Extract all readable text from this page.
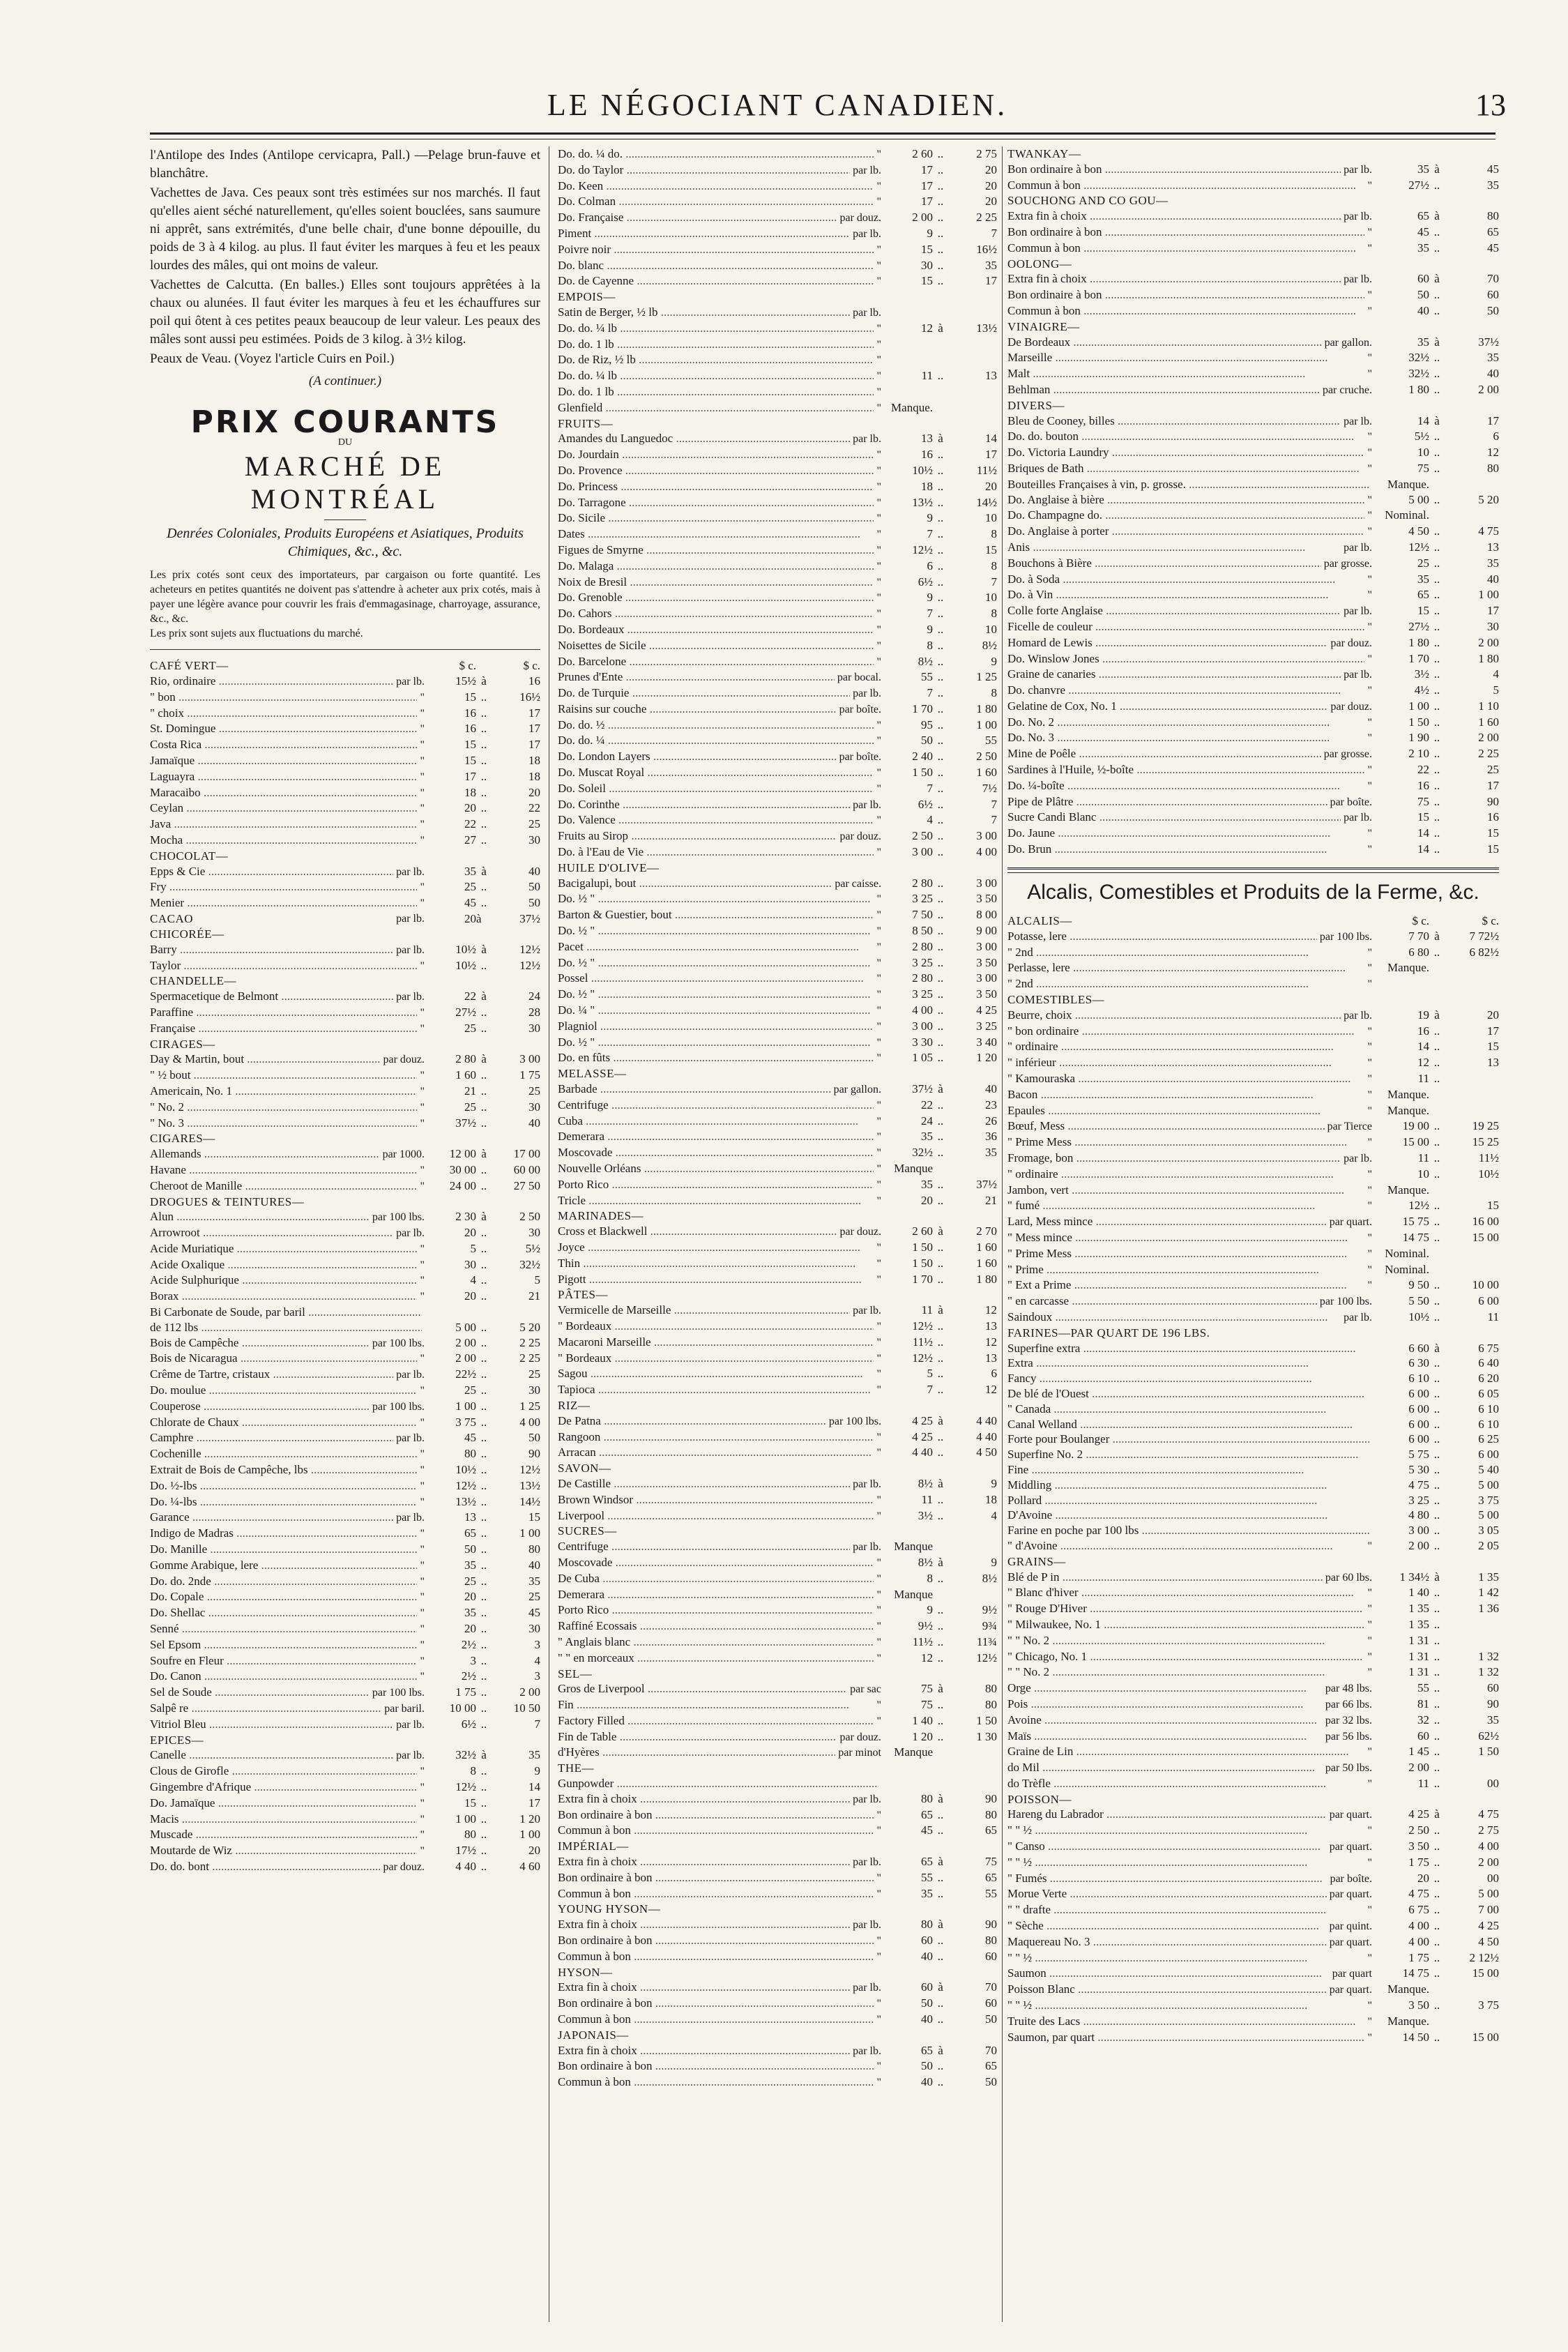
LE NÉGOCIANT CANADIEN.	13

l'Antilope des Indes (Antilope cervicapra, Pall.) —Pelage brun-fauve et blanchâtre.

Vachettes de Java. Ces peaux sont très estimées sur nos marchés. Il faut qu'elles aient séché naturellement, qu'elles soient bouclées, sans saumure ni apprêt, sans extrémités, d'une belle chair, d'une bonne dépouille, du poids de 3 à 4 kilog. au plus. Il faut éviter les marques à feu et les peaux lourdes des mâles, qui ont moins de valeur.

Vachettes de Calcutta. (En balles.) Elles sont toujours apprêtées à la chaux ou alunées. Il faut éviter les marques à feu et les échauffures sur poil qui ôtent à ces petites peaux beaucoup de leur valeur. Les peaux des mâles sont aussi peu estimées. Poids de 3 kilog. à 3½ kilog.

Peaux de Veau. (Voyez l'article Cuirs en Poil.)

(A continuer.)

PRIX COURANTS
DU
MARCHÉ DE MONTRÉAL
Denrées Coloniales, Produits Européens et Asiatiques, Produits Chimiques, &c., &c.
Les prix cotés sont ceux des importateurs, par cargaison ou forte quantité. Les acheteurs en petites quantités ne doivent pas s'attendre à acheter aux prix cotés, mais à payer une légère avance pour couvrir les frais d'emmagasinage, charroyage, assurance, &c., &c.
Les prix sont sujets aux fluctuations du marché.
CAFÉ VERT—	$ c.	$ c.
Rio, ordinaire .....	par lb.	15½ à	16
" bon .....	"	15 ..	16½
" choix .....	"	16 ..	17
St. Domingue .....	"	16 ..	17
Costa Rica .....	"	15 ..	17
Jamaïque .....	"	15 ..	18
Laguayra .....	"	17 ..	18
Maracaibo .....	"	18 ..	20
Ceylan .....	"	20 ..	22
Java .....	"	22 ..	25
Mocha .....	"	27 ..	30
CHOCOLAT—
Epps & Cie .....	par lb.	35 à	40
Fry .....	"	25 ..	50
Menier .....	"	45 ..	50
CACAO	par lb.	20 à	37½
CHICORÉE—
Barry .....	par lb.	10½ à	12½
Taylor .....	"	10½ ..	12½
CHANDELLE—
Spermacetique de Belmont .....	par lb.	22 à	24
Paraffine .....	"	27½ ..	28
Française .....	"	25 ..	30
CIRAGES—
Day & Martin, bout .....	par douz.	2 80 à	3 00
" ½ bout .....	"	1 60 ..	1 75
Americain, No. 1 .....	"	21 ..	25
" No. 2 .....	"	25 ..	30
" No. 3 .....	"	37½ ..	40
CIGARES—
Allemands .....	par 1000.	12 00 à	17 00
Havane .....	"	30 00 ..	60 00
Cheroot de Manille .....	"	24 00 ..	27 50
DROGUES & TEINTURES—
Alun .....	par 100 lbs.	2 30 à	2 50
Arrowroot .....	par lb.	20 ..	30
Acide Muriatique .....	"	5 ..	5½
Acide Oxalique .....	"	30 ..	32½
Acide Sulphurique .....	"	4 ..	5
Borax .....	"	20 ..	21
Bi Carbonate de Soude, par baril .....
de 112 lbs .....	5 00 ..	5 20
Bois de Campêche .....	par 100 lbs.	2 00 ..	2 25
Bois de Nicaragua .....	"	2 00 ..	2 25
Crême de Tartre, cristaux .....	par lb.	22½ ..	25
Do. moulue .....	"	25 ..	30
Couperose .....	par 100 lbs.	1 00 ..	1 25
Chlorate de Chaux .....	"	3 75 ..	4 00
Camphre .....	par lb.	45 ..	50
Cochenille .....	"	80 ..	90
Extrait de Bois de Campêche, lbs .....	"	10½ ..	12½
Do. ½-lbs .....	"	12½ ..	13½
Do. ¼-lbs .....	"	13½ ..	14½
Garance .....	par lb.	13 ..	15
Indigo de Madras .....	"	65 ..	1 00
Do. Manille .....	"	50 ..	80
Gomme Arabique, lere .....	"	35 ..	40
Do. do. 2nde .....	"	25 ..	35
Do. Copale .....	"	20 ..	25
Do. Shellac .....	"	35 ..	45
Senné .....	"	20 ..	30
Sel Epsom .....	"	2½ ..	3
Soufre en Fleur .....	"	3 ..	4
Do. Canon .....	"	2½ ..	3
Sel de Soude .....	par 100 lbs.	1 75 ..	2 00
Salpê re .....	par baril.	10 00 ..	10 50
Vitriol Bleu .....	par lb.	6½ ..	7
EPICES—
Canelle .....	par lb.	32½ à	35
Clous de Girofle .....	"	8 ..	9
Gingembre d'Afrique .....	"	12½ ..	14
Do. Jamaïque .....	"	15 ..	17
Macis .....	"	1 00 ..	1 20
Muscade .....	"	80 ..	1 00
Moutarde de Wiz .....	"	17½ ..	20
Do. do. bont .....	par douz.	4 40 ..	4 60
Do. do. ¼ do. .....	"	2 60 ..	2 75
Do. do Taylor .....	par lb.	17 ..	20
Do. Keen .....	"	17 ..	20
Do. Colman .....	"	17 ..	20
Do. Française .....	par douz.	2 00 ..	2 25
Piment .....	par lb.	9 ..	7
Poivre noir .....	"	15 ..	16½
Do. blanc .....	"	30 ..	35
Do. de Cayenne .....	"	15 ..	17
EMPOIS—
Satin de Berger, ½ lb .....	par lb.
Do. do. ¼ lb .....	"	12 à	13½
Do. do. 1 lb .....	"
Do. de Riz, ½ lb .....	"
Do. do. ¼ lb .....	"	11 ..	13
Do. do. 1 lb .....	"
Glenfield .....	" Manque.
FRUITS—
Amandes du Languedoc .....	par lb.	13 à	14
Do. Jourdain .....	"	16 ..	17
Do. Provence .....	"	10½ ..	11½
Do. Princess .....	"	18 ..	20
Do. Tarragone .....	"	13½ ..	14½
Do. Sicile .....	"	9 ..	10
Dates .....	"	7 ..	8
Figues de Smyrne .....	"	12½ ..	15
Do. Malaga .....	"	6 ..	8
Noix de Bresil .....	"	6½ ..	7
Do. Grenoble .....	"	9 ..	10
Do. Cahors .....	"	7 ..	8
Do. Bordeaux .....	"	9 ..	10
Noisettes de Sicile .....	"	8 ..	8½
Do. Barcelone .....	"	8½ ..	9
Prunes d'Ente .....	par bocal.	55 ..	1 25
Do. de Turquie .....	par lb.	7 ..	8
Raisins sur couche .....	par boîte.	1 70 ..	1 80
Do. do. ½ .....	"	95 ..	1 00
Do. do. ¼ .....	"	50 ..	55
Do. London Layers .....	par boîte.	2 40 ..	2 50
Do. Muscat Royal .....	"	1 50 ..	1 60
Do. Soleil .....	"	7 ..	7½
Do. Corinthe .....	par lb.	6½ ..	7
Do. Valence .....	"	4 ..	7
Fruits au Sirop .....	par douz.	2 50 ..	3 00
Do. à l'Eau de Vie .....	"	3 00 ..	4 00
HUILE D'OLIVE—
Bacigalupi, bout .....	par caisse.	2 80 ..	3 00
Do. ½ " .....	"	3 25 ..	3 50
Barton & Guestier, bout .....	"	7 50 ..	8 00
Do. ½ " .....	"	8 50 ..	9 00
Pacet .....	"	2 80 ..	3 00
Do. ½ " .....	"	3 25 ..	3 50
Possel .....	"	2 80 ..	3 00
Do. ½ " .....	"	3 25 ..	3 50
Do. ¼ " .....	"	4 00 ..	4 25
Plagniol .....	"	3 00 ..	3 25
Do. ½ " .....	"	3 30 ..	3 40
Do. en fûts .....	"	1 05 ..	1 20
MELASSE—
Barbade .....	par gallon.	37½ à	40
Centrifuge .....	"	22 ..	23
Cuba .....	"	24 ..	26
Demerara .....	"	35 ..	36
Moscovade .....	"	32½ ..	35
Nouvelle Orléans .....	"	Manque
Porto Rico .....	"	35 ..	37½
Tricle .....	"	20 ..	21
MARINADES—
Cross et Blackwell .....	par douz.	2 60 à	2 70
Joyce .....	"	1 50 ..	1 60
Thin .....	"	1 50 ..	1 60
Pigott .....	"	1 70 ..	1 80
PÂTES—
Vermicelle de Marseille .....	par lb.	11 à	12
" Bordeaux .....	"	12½ ..	13
Macaroni Marseille .....	"	11½ ..	12
" Bordeaux .....	"	12½ ..	13
Sagou .....	"	5 ..	6
Tapioca .....	"	7 ..	12
RIZ—
De Patna .....	par 100 lbs.	4 25 à	4 40
Rangoon .....	"	4 25 ..	4 40
Arracan .....	"	4 40 ..	4 50
SAVON—
De Castille .....	par lb.	8½ à	9
Brown Windsor .....	"	11 ..	18
Liverpool .....	"	3½ ..	4
SUCRES—
Centrifuge .....	par lb.	Manque
Moscovade .....	"	8½ à	9
De Cuba .....	"	8 ..	8½
Demerara .....	"	Manque
Porto Rico .....	"	9 ..	9½
Raffiné Ecossais .....	"	9½ ..	9¾
" Anglais blanc .....	"	11½ ..	11¾
" " en morceaux .....	"	12 ..	12½
SEL—
Gros de Liverpool .....	par sac	75 à	80
Fin .....	"	75 ..	80
Factory Filled .....	"	1 40 ..	1 50
Fin de Table .....	par douz.	1 20 ..	1 30
d'Hyères .....	par minot	Manque
THE—
Gunpowder .....
Extra fin à choix .....	par lb.	80 à	90
Bon ordinaire à bon .....	"	65 ..	80
Commun à bon .....	"	45 ..	65
IMPÉRIAL—
Extra fin à choix .....	par lb.	65 à	75
Bon ordinaire à bon .....	"	55 ..	65
Commun à bon .....	"	35 ..	55
YOUNG HYSON—
Extra fin à choix .....	par lb.	80 à	90
Bon ordinaire à bon .....	"	60 ..	80
Commun à bon .....	"	40 ..	60
HYSON—
Extra fin à choix .....	par lb.	60 à	70
Bon ordinaire à bon .....	"	50 ..	60
Commun à bon .....	"	40 ..	50
JAPONAIS—
Extra fin à choix .....	par lb.	65 à	70
Bon ordinaire à bon .....	"	50 ..	65
Commun à bon .....	"	40 ..	50
TWANKAY—
Bon ordinaire à bon .....	par lb.	35 à	45
Commun à bon .....	"	27½ ..	35
SOUCHONG AND CO GOU—
Extra fin à choix .....	par lb.	65 à	80
Bon ordinaire à bon .....	"	45 ..	65
Commun à bon .....	"	35 ..	45
OOLONG—
Extra fin à choix .....	par lb.	60 à	70
Bon ordinaire à bon .....	"	50 ..	60
Commun à bon .....	"	40 ..	50
VINAIGRE—
De Bordeaux .....	par gallon.	35 à	37½
Marseille .....	"	32½ ..	35
Malt .....	"	32½ ..	40
Behlman .....	par cruche.	1 80 ..	2 00
DIVERS—
Bleu de Cooney, billes .....	par lb.	14 à	17
Do. do. bouton .....	"	5½ ..	6
Do. Victoria Laundry .....	"	10 ..	12
Briques de Bath .....	"	75 ..	80
Bouteilles Françaises à vin, p. grosse. .....	Manque.
Do. Anglaise à bière .....	"	5 00 ..	5 20
Do. Champagne do. .....	"	Nominal.
Do. Anglaise à porter .....	"	4 50 ..	4 75
Anis .....	par lb.	12½ ..	13
Bouchons à Bière .....	par grosse.	25 ..	35
Do. à Soda .....	"	35 ..	40
Do. à Vin .....	"	65 ..	1 00
Colle forte Anglaise .....	par lb.	15 ..	17
Ficelle de couleur .....	"	27½ ..	30
Homard de Lewis .....	par douz.	1 80 ..	2 00
Do. Winslow Jones .....	"	1 70 ..	1 80
Graine de canaries .....	par lb.	3½ ..	4
Do. chanvre .....	"	4½ ..	5
Gelatine de Cox, No. 1 .....	par douz.	1 00 ..	1 10
Do. No. 2 .....	"	1 50 ..	1 60
Do. No. 3 .....	"	1 90 ..	2 00
Mine de Poêle .....	par grosse.	2 10 ..	2 25
Sardines à l'Huile, ½-boîte .....	"	22 ..	25
Do. ¼-boîte .....	"	16 ..	17
Pipe de Plâtre .....	par boîte.	75 ..	90
Sucre Candi Blanc .....	par lb.	15 ..	16
Do. Jaune .....	"	14 ..	15
Do. Brun .....	"	14 ..	15
Alcalis, Comestibles et Produits de la Ferme, &c.
ALCALIS—	$ c.	$ c.
Potasse, lere .....	par 100 lbs.	7 70 à	7 72½
" 2nd .....	"	6 80 ..	6 82½
Perlasse, lere .....	"	Manque.
" 2nd .....	"
COMESTIBLES—
Beurre, choix .....	par lb.	19 à	20
" bon ordinaire .....	"	16 ..	17
" ordinaire .....	"	14 ..	15
" inférieur .....	"	12 ..	13
" Kamouraska .....	"	11 ..
Bacon .....	"	Manque.
Epaules .....	"	Manque.
Bœuf, Mess .....	par Tierce	19 00 ..	19 25
" Prime Mess .....	"	15 00 ..	15 25
Fromage, bon .....	par lb.	11 ..	11½
" ordinaire .....	"	10 ..	10½
Jambon, vert .....	"	Manque.
" fumé .....	"	12½ ..	15
Lard, Mess mince .....	par quart.	15 75 ..	16 00
" Mess mince .....	"	14 75 ..	15 00
" Prime Mess .....	"	Nominal.
" Prime .....	"	Nominal.
" Ext a Prime .....	"	9 50 ..	10 00
" en carcasse .....	par 100 lbs.	5 50 ..	6 00
Saindoux .....	par lb.	10½ ..	11
FARINES—PAR QUART DE 196 LBS.
Superfine extra .....	6 60 à	6 75
Extra .....	6 30 ..	6 40
Fancy .....	6 10 ..	6 20
De blé de l'Ouest .....	6 00 ..	6 05
" Canada .....	6 00 ..	6 10
Canal Welland .....	6 00 ..	6 10
Forte pour Boulanger .....	6 00 ..	6 25
Superfine No. 2 .....	5 75 ..	6 00
Fine .....	5 30 ..	5 40
Middling .....	4 75 ..	5 00
Pollard .....	3 25 ..	3 75
D'Avoine .....	4 80 ..	5 00
Farine en poche par 100 lbs .....	3 00 ..	3 05
" d'Avoine .....	"	2 00 ..	2 05
GRAINS—
Blé de P in .....	par 60 lbs.	1 34½ à	1 35
" Blanc d'hiver .....	"	1 40 ..	1 42
" Rouge D'Hiver .....	"	1 35 ..	1 36
" Milwaukee, No. 1 .....	"	1 35 ..
" " No. 2 .....	"	1 31 ..
" Chicago, No. 1 .....	"	1 31 ..	1 32
" " No. 2 .....	"	1 31 ..	1 32
Orge .....	par 48 lbs.	55 ..	60
Pois .....	par 66 lbs.	81 ..	90
Avoine .....	par 32 lbs.	32 ..	35
Maïs .....	par 56 lbs.	60 ..	62½
Graine de Lin .....	"	1 45 ..	1 50
do Mil .....	par 50 lbs.	2 00 ..
do Trèfle .....	"	11 ..	00
POISSON—
Hareng du Labrador .....	par quart.	4 25 à	4 75
" " ½ .....	"	2 50 ..	2 75
" Canso .....	par quart.	3 50 ..	4 00
" " ½ .....	"	1 75 ..	2 00
" Fumés .....	par boîte.	20 ..	00
Morue Verte .....	par quart.	4 75 ..	5 00
" " drafte .....	"	6 75 ..	7 00
" Sèche .....	par quint.	4 00 ..	4 25
Maquereau No. 3 .....	par quart.	4 00 ..	4 50
" " ½ .....	"	1 75 ..	2 12½
Saumon .....	par quart	14 75 ..	15 00
Poisson Blanc .....	par quart.	Manque.
" " ½ .....	"	3 50 ..	3 75
Truite des Lacs .....	"	Manque.
Saumon, par quart .....	"	14 50 ..	15 00
